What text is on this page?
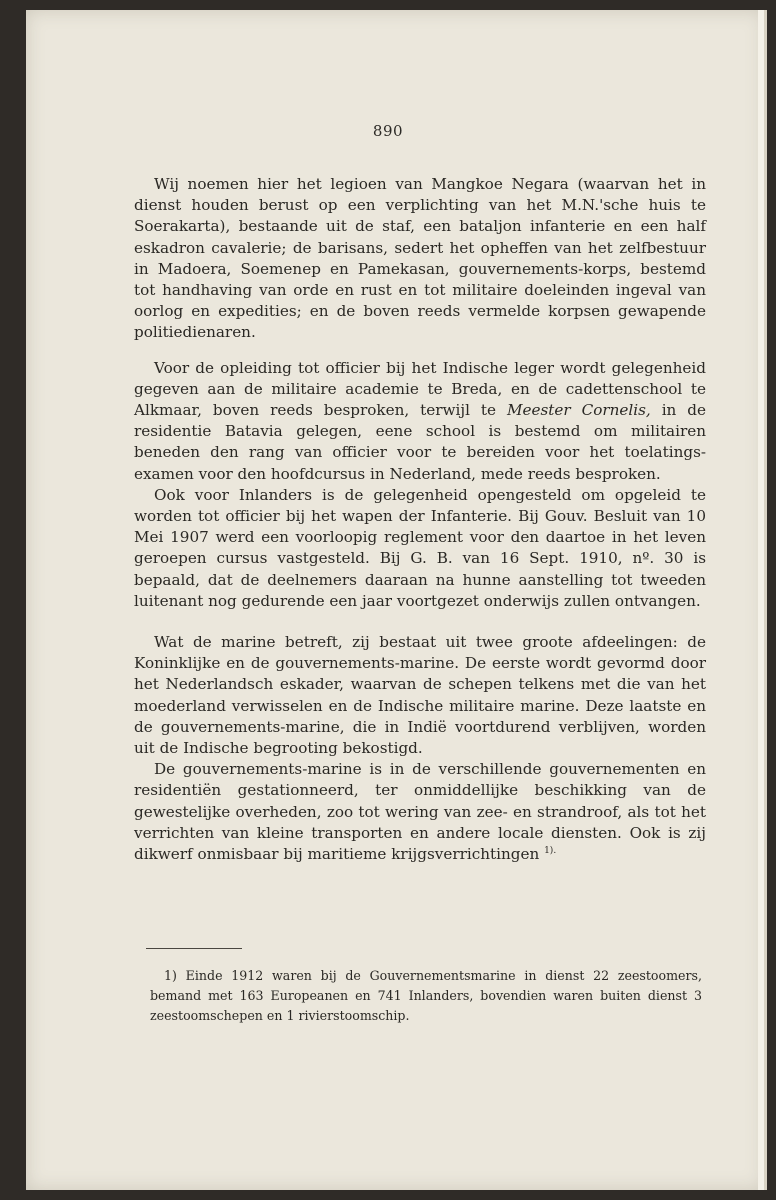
890

Wij noemen hier het legioen van Mangkoe Negara (waarvan het in dienst houden berust op een verplichting van het M.N.'sche huis te Soerakarta), bestaande uit de staf, een bataljon infanterie en een half eskadron cavalerie; de barisans, sedert het opheffen van het zelfbestuur in Madoera, Soemenep en Pamekasan, gouvernements-korps, bestemd tot handhaving van orde en rust en tot militaire doeleinden ingeval van oorlog en expedities; en de boven reeds vermelde korpsen gewapende politiedienaren.

Voor de opleiding tot officier bij het Indische leger wordt gelegenheid gegeven aan de militaire academie te Breda, en de cadettenschool te Alkmaar, boven reeds besproken, terwijl te Meester Cornelis, in de residentie Batavia gelegen, eene school is bestemd om militairen beneden den rang van officier voor te bereiden voor het toelatings-examen voor den hoofdcursus in Nederland, mede reeds besproken.

Ook voor Inlanders is de gelegenheid opengesteld om opgeleid te worden tot officier bij het wapen der Infanterie. Bij Gouv. Besluit van 10 Mei 1907 werd een voorloopig reglement voor den daartoe in het leven geroepen cursus vastgesteld. Bij G. B. van 16 Sept. 1910, nº. 30 is bepaald, dat de deelnemers daaraan na hunne aanstelling tot tweeden luitenant nog gedurende een jaar voortgezet onderwijs zullen ontvangen.

Wat de marine betreft, zij bestaat uit twee groote afdeelingen: de Koninklijke en de gouvernements-marine. De eerste wordt gevormd door het Nederlandsch eskader, waarvan de schepen telkens met die van het moederland verwisselen en de Indische militaire marine. Deze laatste en de gouvernements-marine, die in Indië voortdurend verblijven, worden uit de Indische begrooting bekostigd.

De gouvernements-marine is in de verschillende gouvernementen en residentiën gestationneerd, ter onmiddellijke beschikking van de gewestelijke overheden, zoo tot wering van zee- en strandroof, als tot het verrichten van kleine transporten en andere locale diensten. Ook is zij dikwerf onmisbaar bij maritieme krijgsverrichtingen $^{1).}$

1) Einde 1912 waren bij de Gouvernementsmarine in dienst 22 zeestoomers, bemand met 163 Europeanen en 741 Inlanders, bovendien waren buiten dienst 3 zeestoomschepen en 1 rivierstoomschip.
